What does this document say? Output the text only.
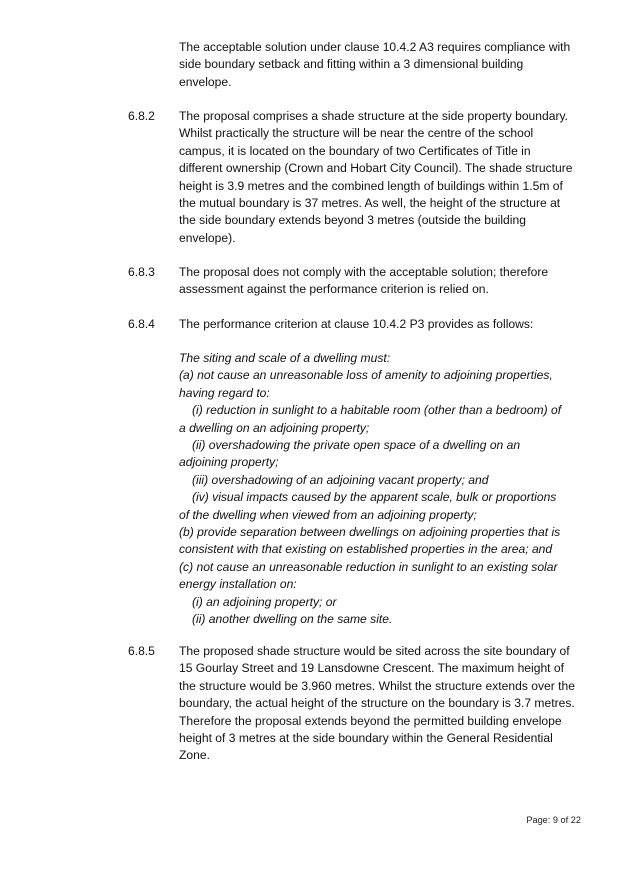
The acceptable solution under clause 10.4.2 A3 requires compliance with
side boundary setback and fitting within a 3 dimensional building
envelope.
6.8.2 The proposal comprises a shade structure at the side property boundary.
Whilst practically the structure will be near the centre of the school
campus, it is located on the boundary of two Certificates of Title in
different ownership (Crown and Hobart City Council). The shade structure
height is 3.9 metres and the combined length of buildings within 1.5m of
the mutual boundary is 37 metres. As well, the height of the structure at
the side boundary extends beyond 3 metres (outside the building
envelope).
6.8.3 The proposal does not comply with the acceptable solution; therefore
assessment against the performance criterion is relied on.
6.8.4 The performance criterion at clause 10.4.2 P3 provides as follows:
The siting and scale of a dwelling must:
(a) not cause an unreasonable loss of amenity to adjoining properties,
having regard to:
(i) reduction in sunlight to a habitable room (other than a bedroom) of
a dwelling on an adjoining property;
(ii) overshadowing the private open space of a dwelling on an
adjoining property;
(iii) overshadowing of an adjoining vacant property; and
(iv) visual impacts caused by the apparent scale, bulk or proportions
of the dwelling when viewed from an adjoining property;
(b) provide separation between dwellings on adjoining properties that is
consistent with that existing on established properties in the area; and
(c) not cause an unreasonable reduction in sunlight to an existing solar
energy installation on:
(i) an adjoining property; or
(ii) another dwelling on the same site.
6.8.5 The proposed shade structure would be sited across the site boundary of
15 Gourlay Street and 19 Lansdowne Crescent. The maximum height of
the structure would be 3.960 metres. Whilst the structure extends over the
boundary, the actual height of the structure on the boundary is 3.7 metres.
Therefore the proposal extends beyond the permitted building envelope
height of 3 metres at the side boundary within the General Residential
Zone.
Page: 9 of 22
